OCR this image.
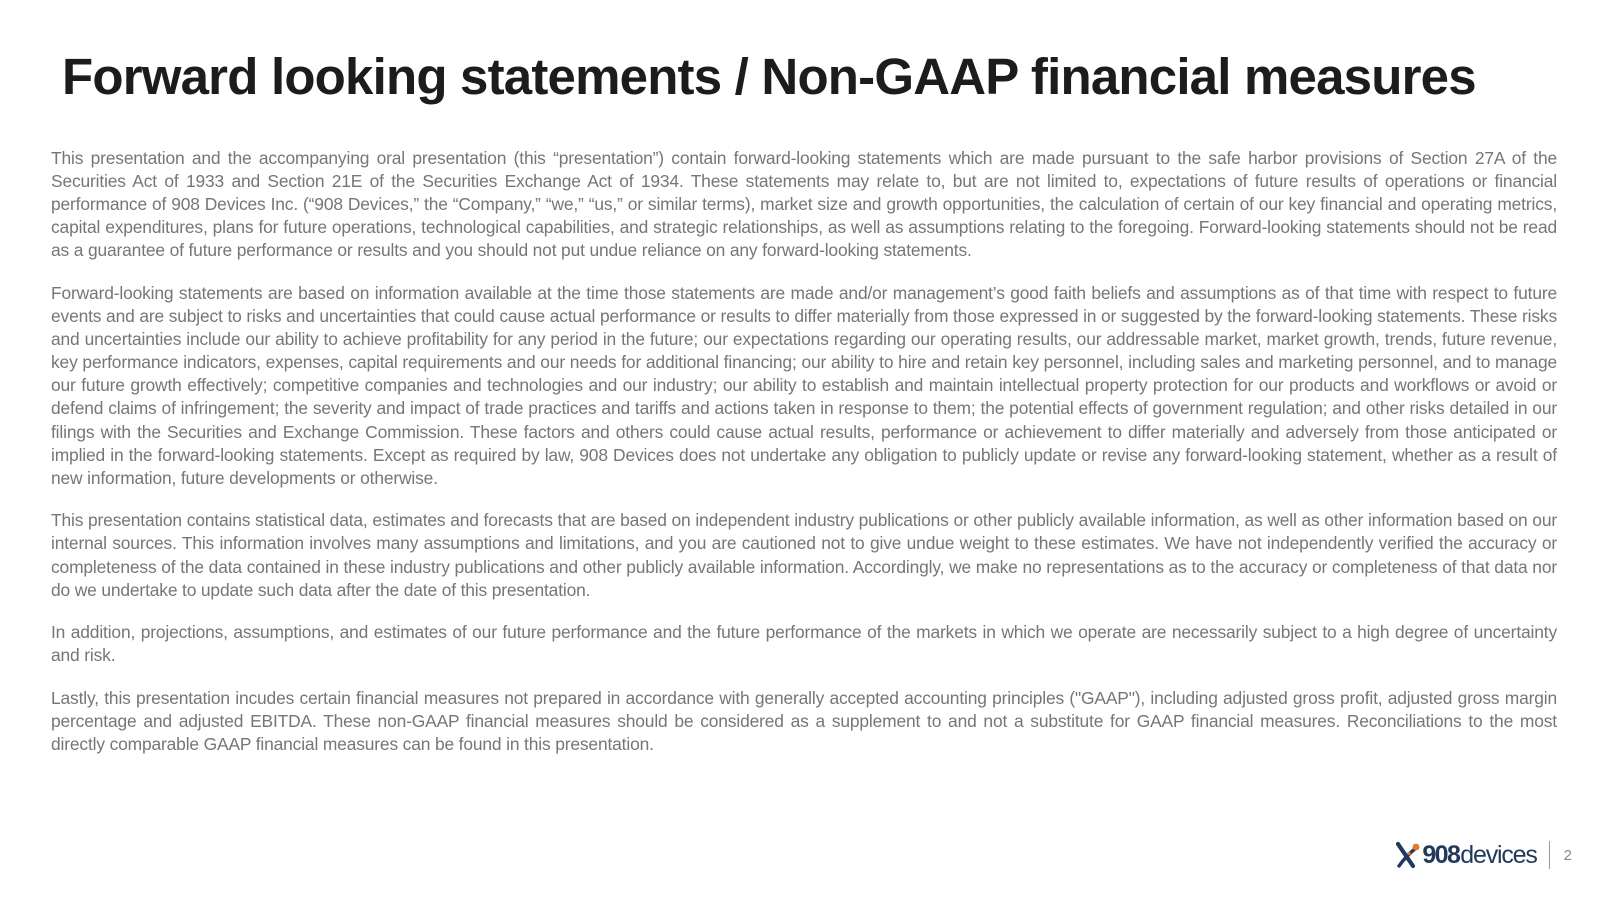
Forward looking statements / Non-GAAP financial measures

This presentation and the accompanying oral presentation (this “presentation”) contain forward-looking statements which are made pursuant to the safe harbor provisions of Section 27A of the Securities Act of 1933 and Section 21E of the Securities Exchange Act of 1934. These statements may relate to, but are not limited to, expectations of future results of operations or financial performance of 908 Devices Inc. (“908 Devices,” the “Company,” “we,” “us,” or similar terms), market size and growth opportunities, the calculation of certain of our key financial and operating metrics, capital expenditures, plans for future operations, technological capabilities, and strategic relationships, as well as assumptions relating to the foregoing. Forward-looking statements should not be read as a guarantee of future performance or results and you should not put undue reliance on any forward-looking statements.

Forward-looking statements are based on information available at the time those statements are made and/or management’s good faith beliefs and assumptions as of that time with respect to future events and are subject to risks and uncertainties that could cause actual performance or results to differ materially from those expressed in or suggested by the forward-looking statements. These risks and uncertainties include our ability to achieve profitability for any period in the future; our expectations regarding our operating results, our addressable market, market growth, trends, future revenue, key performance indicators, expenses, capital requirements and our needs for additional financing; our ability to hire and retain key personnel, including sales and marketing personnel, and to manage our future growth effectively; competitive companies and technologies and our industry; our ability to establish and maintain intellectual property protection for our products and workflows or avoid or defend claims of infringement; the severity and impact of trade practices and tariffs and actions taken in response to them; the potential effects of government regulation; and other risks detailed in our filings with the Securities and Exchange Commission. These factors and others could cause actual results, performance or achievement to differ materially and adversely from those anticipated or implied in the forward-looking statements. Except as required by law, 908 Devices does not undertake any obligation to publicly update or revise any forward-looking statement, whether as a result of new information, future developments or otherwise.

This presentation contains statistical data, estimates and forecasts that are based on independent industry publications or other publicly available information, as well as other information based on our internal sources. This information involves many assumptions and limitations, and you are cautioned not to give undue weight to these estimates. We have not independently verified the accuracy or completeness of the data contained in these industry publications and other publicly available information. Accordingly, we make no representations as to the accuracy or completeness of that data nor do we undertake to update such data after the date of this presentation.

In addition, projections, assumptions, and estimates of our future performance and the future performance of the markets in which we operate are necessarily subject to a high degree of uncertainty and risk.

Lastly, this presentation incudes certain financial measures not prepared in accordance with generally accepted accounting principles ("GAAP"), including adjusted gross profit, adjusted gross margin percentage and adjusted EBITDA. These non-GAAP financial measures should be considered as a supplement to and not a substitute for GAAP financial measures. Reconciliations to the most directly comparable GAAP financial measures can be found in this presentation.

908 devices 2
